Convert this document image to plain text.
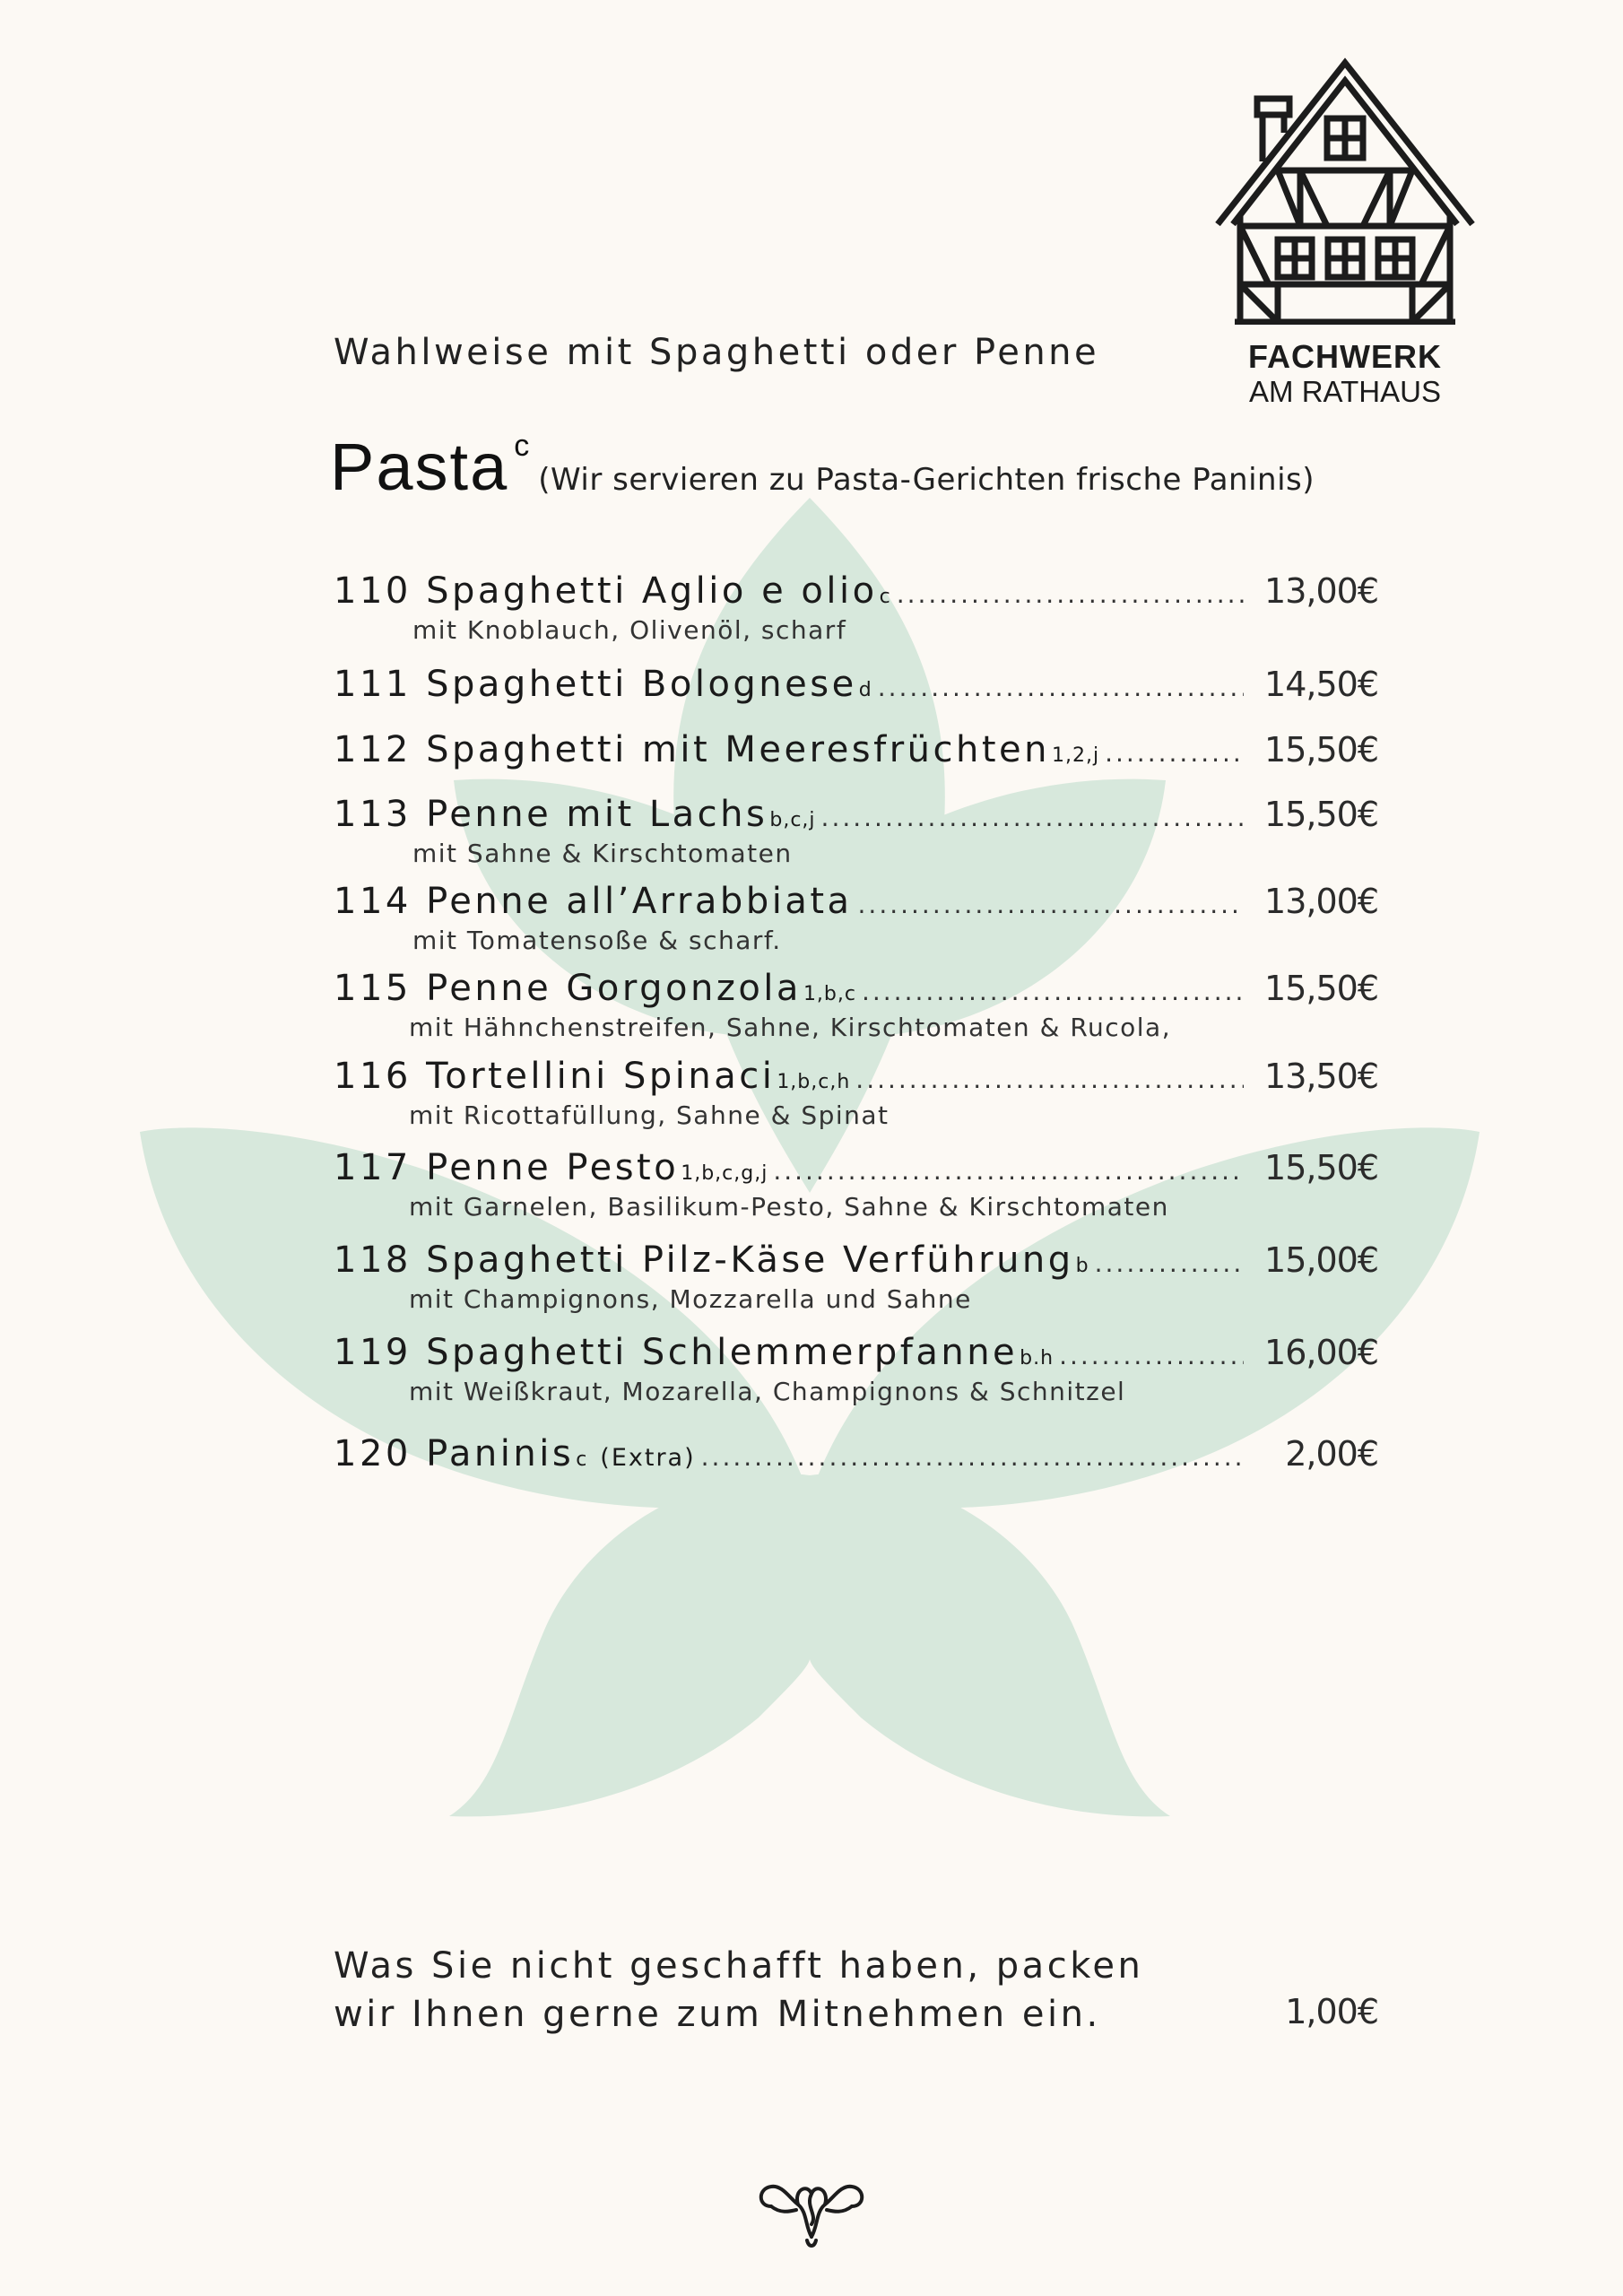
FACHWERK
AM RATHAUS
Wahlweise mit Spaghetti oder Penne
Pasta c(Wir servieren zu Pasta-Gerichten frische Paninis)
110 Spaghetti Aglio e olio c .....	13,00€
mit Knoblauch, Olivenöl, scharf
111 Spaghetti Bolognese d .....	14,50€
112 Spaghetti mit Meeresfrüchten 1,2,j .....	15,50€
113 Penne mit Lachs b,c,j .....	15,50€
mit Sahne & Kirschtomaten
114 Penne all’Arrabbiata .....	13,00€
mit Tomatensoße & scharf.
115 Penne Gorgonzola 1,b,c .....	15,50€
mit Hähnchenstreifen, Sahne, Kirschtomaten & Rucola,
116 Tortellini Spinaci 1,b,c,h .....	13,50€
mit Ricottafüllung, Sahne & Spinat
117 Penne Pesto 1,b,c,g,j .....	15,50€
mit Garnelen, Basilikum-Pesto, Sahne & Kirschtomaten
118 Spaghetti Pilz-Käse Verführung b .....	15,00€
mit Champignons, Mozzarella und Sahne
119 Spaghetti Schlemmerpfanne b.h .....	16,00€
mit Weißkraut, Mozarella, Champignons & Schnitzel
120 Paninis c (Extra) .....	2,00€
Was Sie nicht geschafft haben, packen
wir Ihnen gerne zum Mitnehmen ein.	1,00€
